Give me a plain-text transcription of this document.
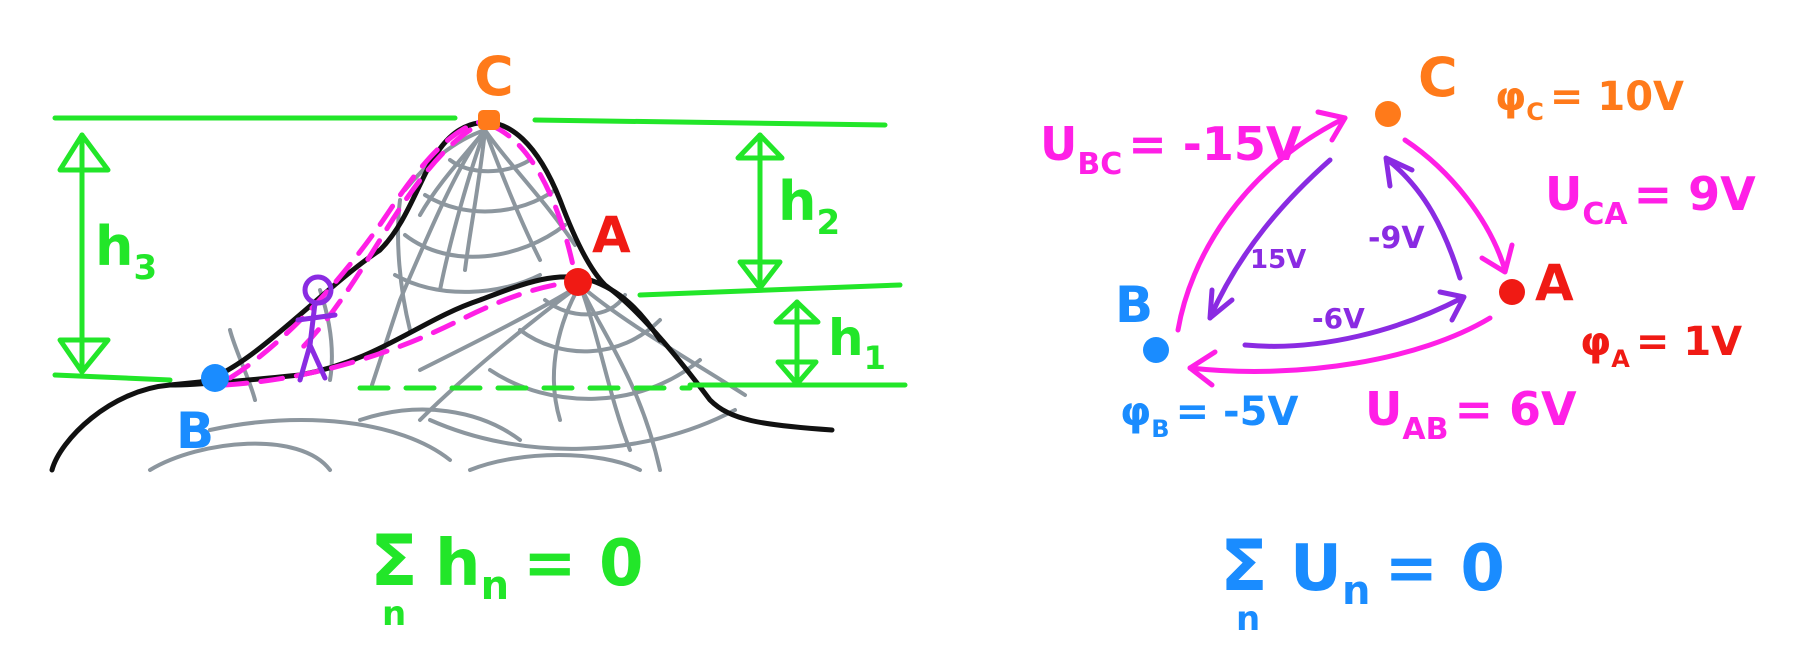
C
A
B
$h_3$
$h_2$
$h_1$
Σ
n
$h_n = 0$
C
A
B
$\varphi_C = 10V$
$\varphi_A = 1V$
$\varphi_B = -5V$
$U_{BC} = -15V$
$U_{CA} = 9V$
$U_{AB} = 6V$
15V
-9V
-6V
Σ
n
$U_n = 0$
